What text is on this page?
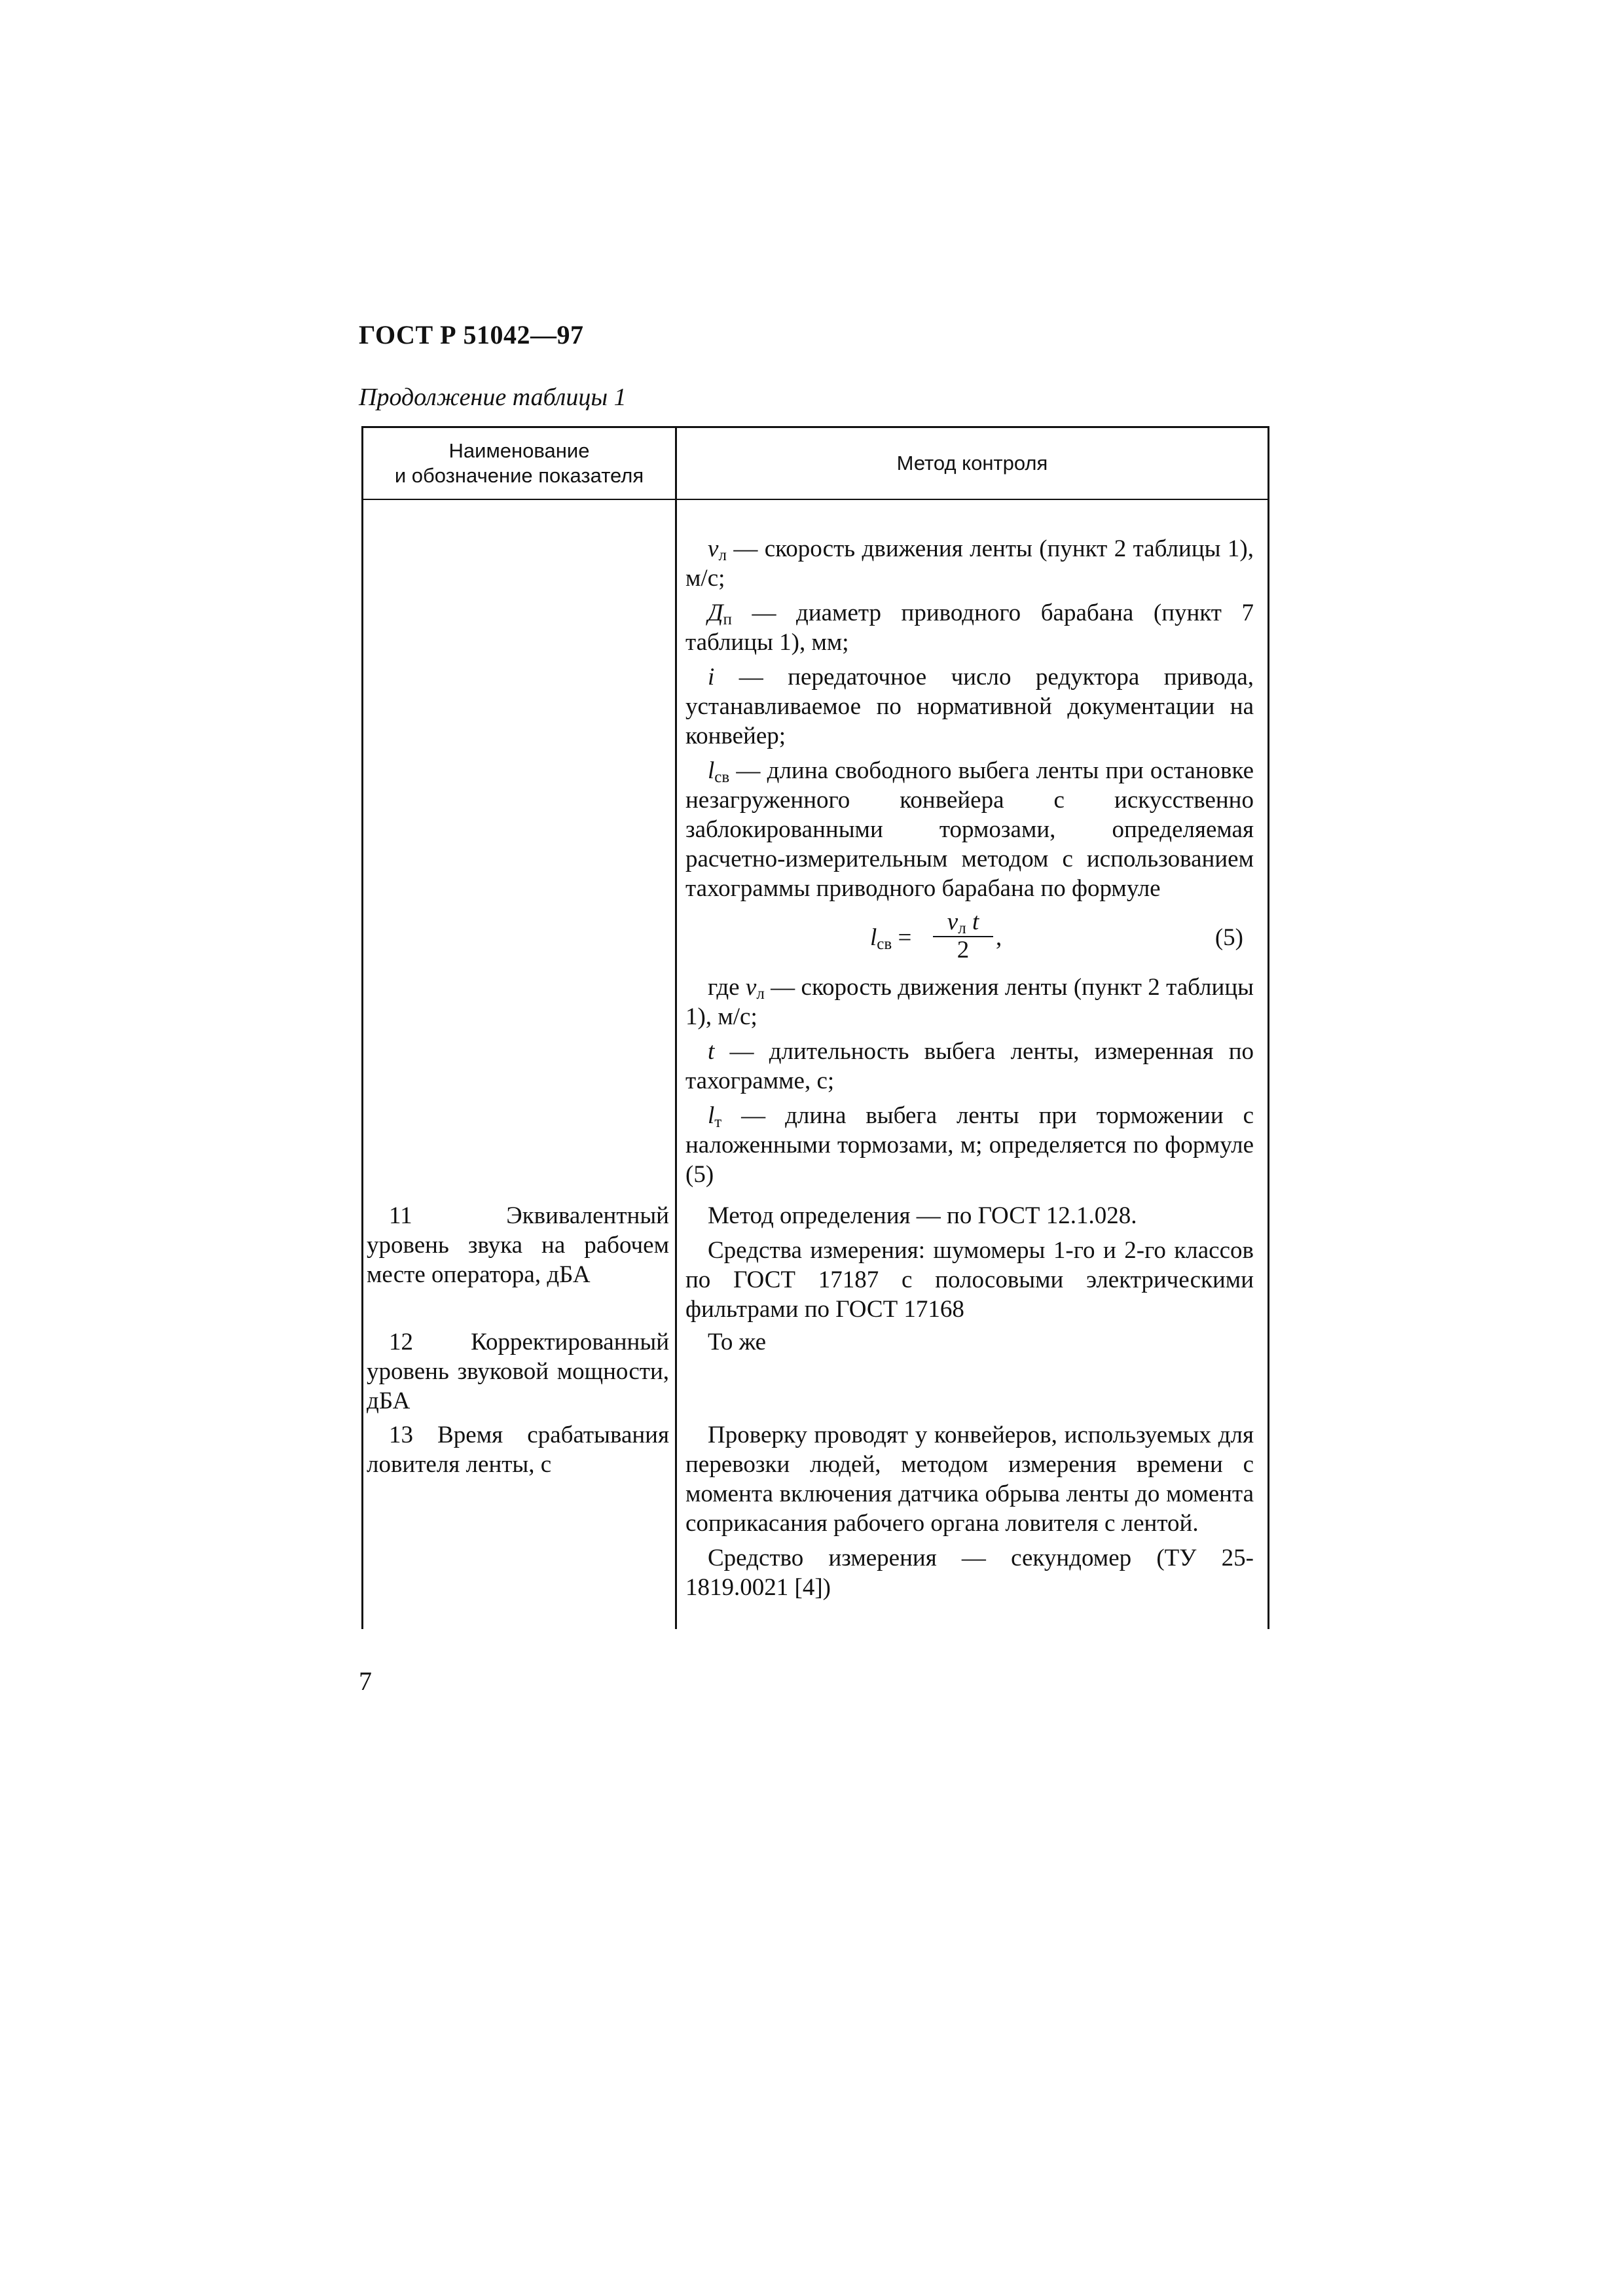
ГОСТ Р 51042—97
Продолжение таблицы 1
Наименование
и обозначение показателя
Метод контроля

$v_л$ — скорость движения ленты (пункт 2 таблицы 1), м/с;

$Д_п$ — диаметр приводного барабана (пункт 7 таблицы 1), мм;

i — передаточное число редуктора привода, устанавливаемое по нормативной документации на конвейер;

$l_{св}$ — длина свободного выбега ленты при остановке незагруженного конвейера с искусственно заблокированными тормозами, определяемая расчетно-измерительным методом с использованием тахограммы приводного барабана по формуле

$l_{св}$ =
$v_л$ t
2	,	(5)

где $v_л$ — скорость движения ленты (пункт 2 таблицы 1), м/с;

t — длительность выбега ленты, измеренная по тахограмме, с;

$l_т$ — длина выбега ленты при торможении с наложенными тормозами, м; определяется по формуле (5)

11 Эквивалентный уровень звука на рабочем месте оператора, дБА

Метод определения — по ГОСТ 12.1.028.

Средства измерения: шумомеры 1-го и 2-го классов по ГОСТ 17187 с полосовыми электрическими фильтрами по ГОСТ 17168

12 Корректированный уровень звуковой мощности, дБА

То же

13 Время срабатывания ловителя ленты, с

Проверку проводят у конвейеров, используемых для перевозки людей, методом измерения времени с момента включения датчика обрыва ленты до момента соприкасания рабочего органа ловителя с лентой.

Средство измерения — секундомер (ТУ 25-1819.0021 [4])

7
